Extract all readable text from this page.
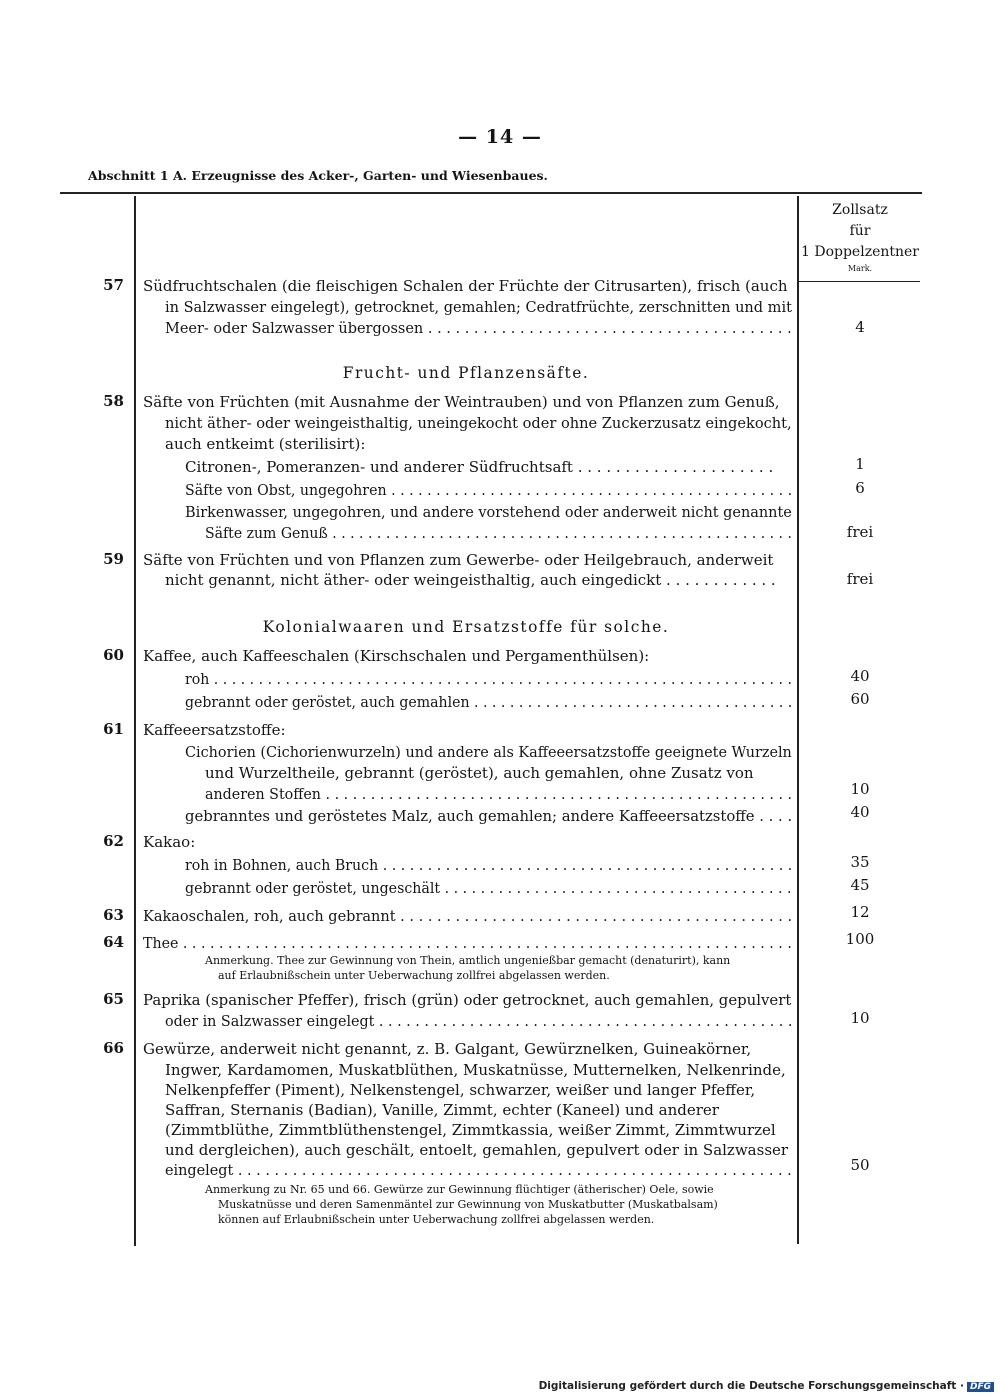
— 14 —
Abschnitt 1 A. Erzeugnisse des Acker-, Garten- und Wiesenbaues.
Zollsatz
für
1 Doppelzentner
Mark.
57 Südfruchtschalen (die fleischigen Schalen der Früchte der Citrusarten), frisch (auch
in Salzwasser eingelegt), getrocknet, gemahlen; Cedratfrüchte, zerschnitten und mit
Meer- oder Salzwasser übergossen . . . . . . . . . . . . . . . . . . . . . . . . . . . . . . . . . . . . . . . .	4
Frucht- und Pflanzensäfte.
58 Säfte von Früchten (mit Ausnahme der Weintrauben) und von Pflanzen zum Genuß,
nicht äther- oder weingeisthaltig, uneingekocht oder ohne Zuckerzusatz eingekocht,
auch entkeimt (sterilisirt):
Citronen-, Pomeranzen- und anderer Südfruchtsaft . . . . . . . . . . . . . . . . . . . . .	1
Säfte von Obst, ungegohren . . . . . . . . . . . . . . . . . . . . . . . . . . . . . . . . . . . . . . . . . . . . .	6
Birkenwasser, ungegohren, und andere vorstehend oder anderweit nicht genannte
Säfte zum Genuß . . . . . . . . . . . . . . . . . . . . . . . . . . . . . . . . . . . . . . . . . . . . . . . . . . . .	frei
59 Säfte von Früchten und von Pflanzen zum Gewerbe- oder Heilgebrauch, anderweit
nicht genannt, nicht äther- oder weingeisthaltig, auch eingedickt . . . . . . . . . . . .	frei
Kolonialwaaren und Ersatzstoffe für solche.
60 Kaffee, auch Kaffeeschalen (Kirschschalen und Pergamenthülsen):
roh . . . . . . . . . . . . . . . . . . . . . . . . . . . . . . . . . . . . . . . . . . . . . . . . . . . . . . . . . . . . . . . . .	40
gebrannt oder geröstet, auch gemahlen . . . . . . . . . . . . . . . . . . . . . . . . . . . . . . . . . . . .	60
61 Kaffeeersatzstoffe:
Cichorien (Cichorienwurzeln) und andere als Kaffeeersatzstoffe geeignete Wurzeln
und Wurzeltheile, gebrannt (geröstet), auch gemahlen, ohne Zusatz von
anderen Stoffen . . . . . . . . . . . . . . . . . . . . . . . . . . . . . . . . . . . . . . . . . . . . . . . . . . . .	10
gebranntes und geröstetes Malz, auch gemahlen; andere Kaffeeersatzstoffe . . . .	40
62 Kakao:
roh in Bohnen, auch Bruch . . . . . . . . . . . . . . . . . . . . . . . . . . . . . . . . . . . . . . . . . . . . . .	35
gebrannt oder geröstet, ungeschält . . . . . . . . . . . . . . . . . . . . . . . . . . . . . . . . . . . . . . .	45
63 Kakaoschalen, roh, auch gebrannt . . . . . . . . . . . . . . . . . . . . . . . . . . . . . . . . . . . . . . . . . . .	12
64 Thee . . . . . . . . . . . . . . . . . . . . . . . . . . . . . . . . . . . . . . . . . . . . . . . . . . . . . . . . . . . . . . . . . . . .	100
Anmerkung. Thee zur Gewinnung von Thein, amtlich ungenießbar gemacht (denaturirt), kann
auf Erlaubnißschein unter Ueberwachung zollfrei abgelassen werden.
65 Paprika (spanischer Pfeffer), frisch (grün) oder getrocknet, auch gemahlen, gepulvert
oder in Salzwasser eingelegt . . . . . . . . . . . . . . . . . . . . . . . . . . . . . . . . . . . . . . . . . . . . . .	10
66 Gewürze, anderweit nicht genannt, z. B. Galgant, Gewürznelken, Guineakörner,
Ingwer, Kardamomen, Muskatblüthen, Muskatnüsse, Mutternelken, Nelkenrinde,
Nelkenpfeffer (Piment), Nelkenstengel, schwarzer, weißer und langer Pfeffer,
Saffran, Sternanis (Badian), Vanille, Zimmt, echter (Kaneel) und anderer
(Zimmtblüthe, Zimmtblüthenstengel, Zimmtkassia, weißer Zimmt, Zimmtwurzel
und dergleichen), auch geschält, entoelt, gemahlen, gepulvert oder in Salzwasser
eingelegt . . . . . . . . . . . . . . . . . . . . . . . . . . . . . . . . . . . . . . . . . . . . . . . . . . . . . . . . . . . . .	50
Anmerkung zu Nr. 65 und 66. Gewürze zur Gewinnung flüchtiger (ätherischer) Oele, sowie
Muskatnüsse und deren Samenmäntel zur Gewinnung von Muskatbutter (Muskatbalsam)
können auf Erlaubnißschein unter Ueberwachung zollfrei abgelassen werden.
Digitalisierung gefördert durch die Deutsche Forschungsgemeinschaft · DFG
